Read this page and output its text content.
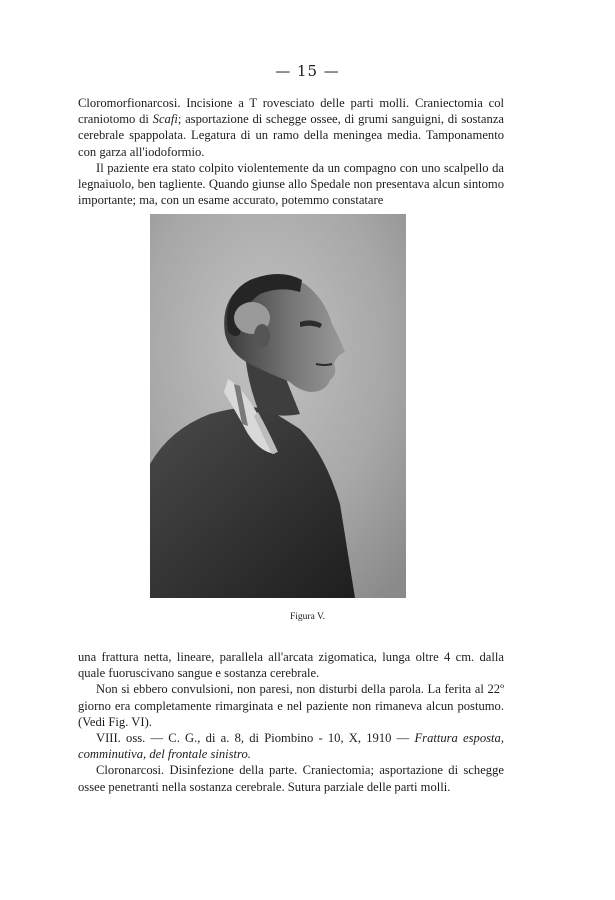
— 15 —

Cloromorfionarcosi. Incisione a T rovesciato delle parti molli. Craniectomia col craniotomo di Scafi; asportazione di schegge ossee, di grumi sanguigni, di sostanza cerebrale spappolata. Legatura di un ramo della meningea media. Tamponamento con garza all'iodoformio.

Il paziente era stato colpito violentemente da un compagno con uno scalpello da legnaiuolo, ben tagliente. Quando giunse allo Spedale non presentava alcun sintomo importante; ma, con un esame accurato, potemmo constatare

Figura V.

una frattura netta, lineare, parallela all'arcata zigomatica, lunga oltre 4 cm. dalla quale fuoruscivano sangue e sostanza cerebrale.

Non si ebbero convulsioni, non paresi, non disturbi della parola. La ferita al 22º giorno era completamente rimarginata e nel paziente non rimaneva alcun postumo. (Vedi Fig. VI).

VIII. oss. — C. G., di a. 8, di Piombino - 10, X, 1910 — Frattura esposta, comminutiva, del frontale sinistro.

Cloronarcosi. Disinfezione della parte. Craniectomia; asportazione di schegge ossee penetranti nella sostanza cerebrale. Sutura parziale delle parti molli.
